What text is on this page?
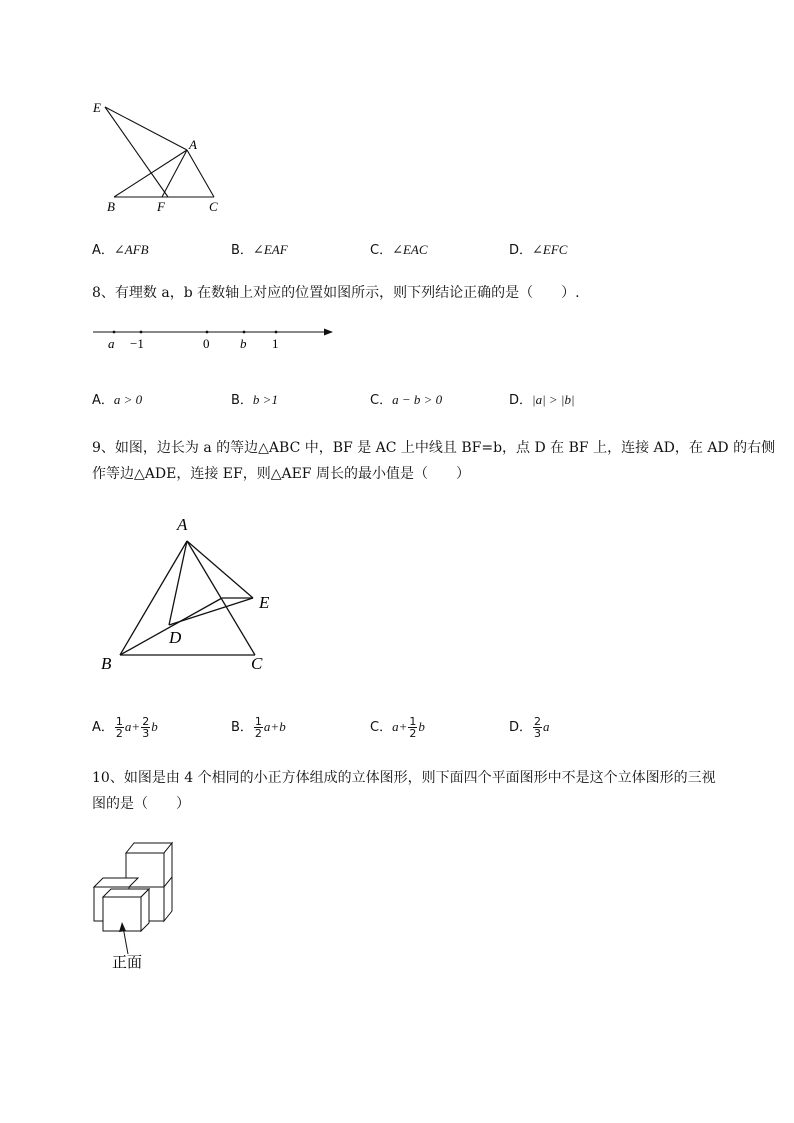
E
A
B	F	C
A．∠AFB	B．∠EAF	C．∠EAC	D．∠EFC
8、有理数 a，b 在数轴上对应的位置如图所示，则下列结论正确的是（　　）.
a −1	0 b 1
A．a > 0	B．b >1	C．a − b > 0	D．|a| > |b|
9、如图，边长为 a 的等边△ABC 中，BF 是 AC 上中线且 BF=b，点 D 在 BF 上，连接 AD，在 AD 的右侧
作等边△ADE，连接 EF，则△AEF 周长的最小值是（　　）
A
E
D
B	C
A． $\frac{1}{2} a+ \frac{2}{3}$ b	B． $\frac{1}{2} a+b$	C．$a+ \frac{1}{2}$ b	D． $\frac{2}{3}$ a
10、如图是由 4 个相同的小正方体组成的立体图形，则下面四个平面图形中不是这个立体图形的三视
图的是（　　）
正面
